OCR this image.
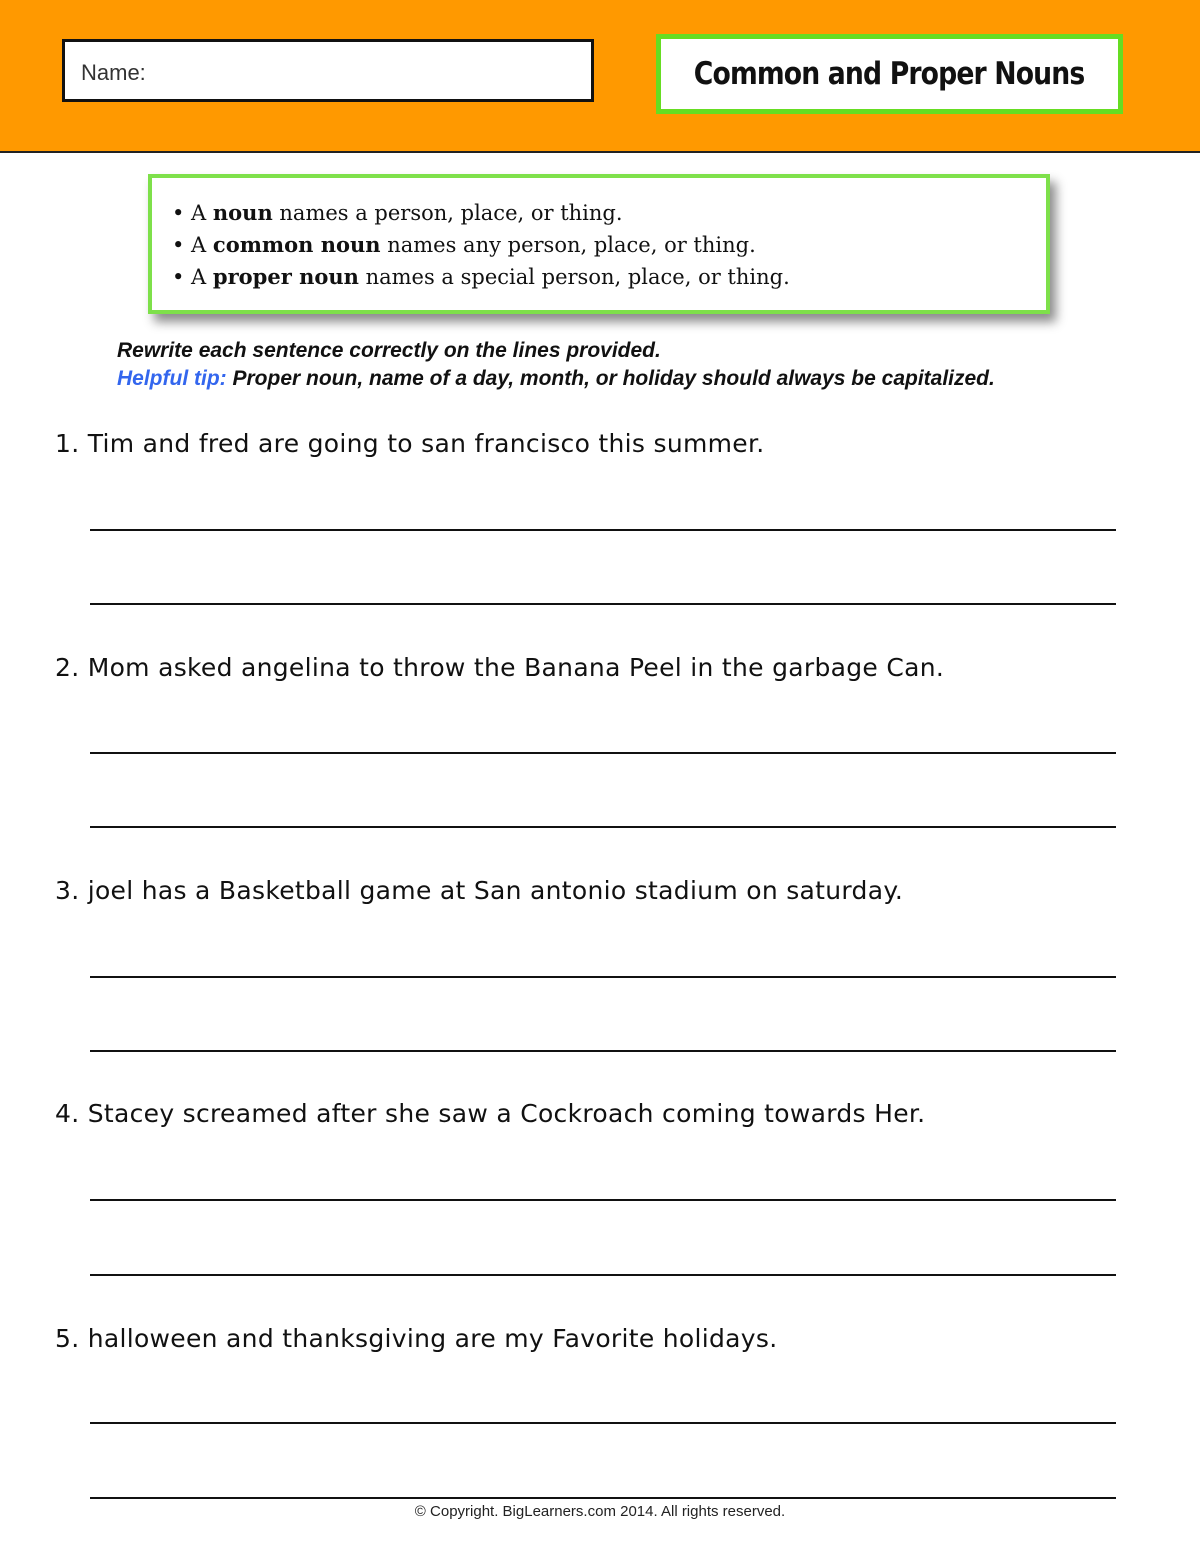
Name:	Common and Proper Nouns
• A noun names a person, place, or thing.
• A common noun names any person, place, or thing.
• A proper noun names a special person, place, or thing.
Rewrite each sentence correctly on the lines provided.
Helpful tip: Proper noun, name of a day, month, or holiday should always be capitalized.
1. Tim and fred are going to san francisco this summer.
2. Mom asked angelina to throw the Banana Peel in the garbage Can.
3. joel has a Basketball game at San antonio stadium on saturday.
4. Stacey screamed after she saw a Cockroach coming towards Her.
5. halloween and thanksgiving are my Favorite holidays.
© Copyright. BigLearners.com 2014. All rights reserved.
